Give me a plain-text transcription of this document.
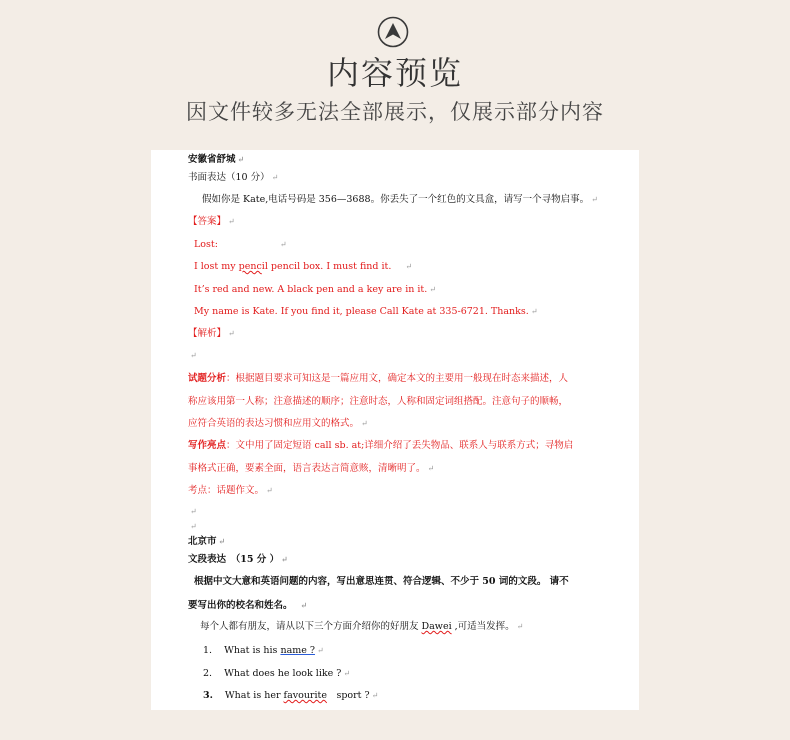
内容预览
因文件较多无法全部展示，仅展示部分内容
安徽省舒城 ↵
书面表达（10 分） ↵
假如你是 Kate,电话号码是 356—3688。你丢失了一个红色的文具盒，请写一个寻物启事。 ↵
【答案】 ↵
Lost:	↵
I lost my pencil pencil box. I must find it. ↵
It’s red and new. A black pen and a key are in it. ↵
My name is Kate. If you find it, please Call Kate at 335-6721. Thanks. ↵
【解析】 ↵
↵
试题分析：根据题目要求可知这是一篇应用文，确定本文的主要用一般现在时态来描述，人
称应该用第一人称；注意描述的顺序；注意时态，人称和固定词组搭配。注意句子的顺畅，
应符合英语的表达习惯和应用文的格式。 ↵
写作亮点：文中用了固定短语 call sb. at;详细介绍了丢失物品、联系人与联系方式；寻物启
事格式正确，要素全面，语言表达言简意赅，清晰明了。 ↵
考点：话题作文。 ↵
↵
↵
北京市 ↵
文段表达　（15 分 ） ↵
根据中文大意和英语问题的内容，写出意思连贯、符合逻辑、不少于 50 词的文段。 请不
要写出你的校名和姓名。 ↵
每个人都有朋友，请从以下三个方面介绍你的好朋友 Dawei ,可适当发挥。 ↵
1. What is his name ? ↵
2. What does he look like ? ↵
3. What is her favourite　sport ? ↵
